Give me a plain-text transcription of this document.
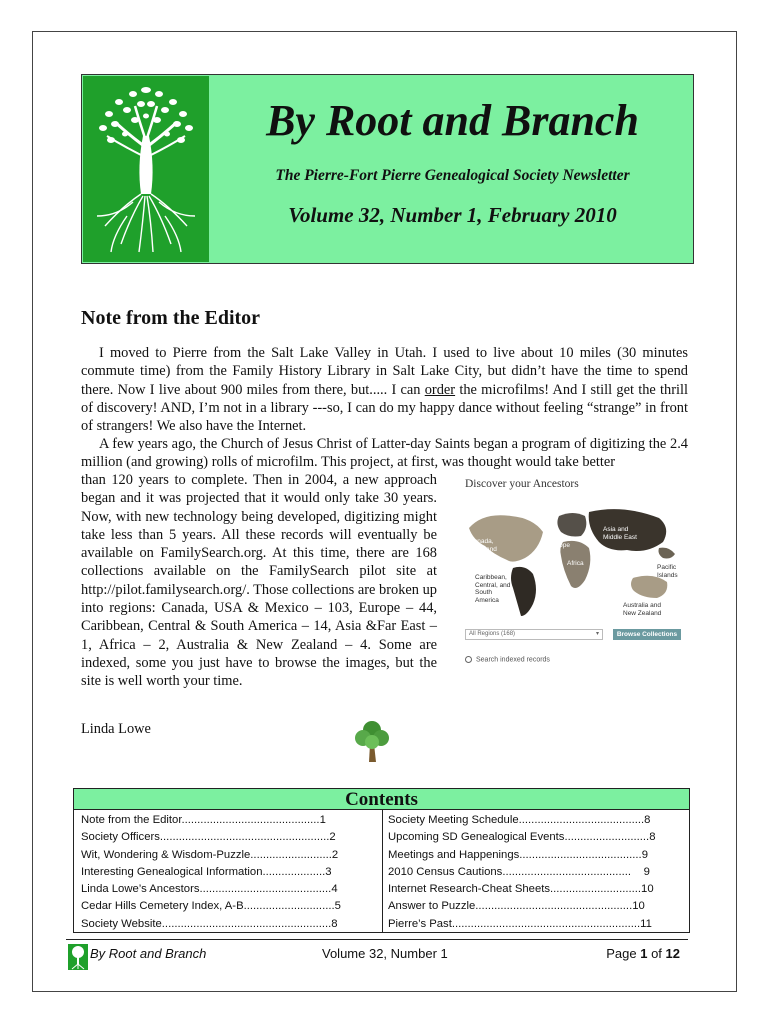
By Root and Branch
The Pierre-Fort Pierre Genealogical Society Newsletter
Volume 32, Number 1, February 2010
Note from the Editor
I moved to Pierre from the Salt Lake Valley in Utah. I used to live about 10 miles (30 minutes commute time) from the Family History Library in Salt Lake City, but didn’t have the time to spend there. Now I live about 900 miles from there, but..... I can order the microfilms! And I still get the thrill of discovery! AND, I’m not in a library ---so, I can do my happy dance without feeling “strange” in front of strangers! We also have the Internet.
A few years ago, the Church of Jesus Christ of Latter-day Saints began a program of digitizing the 2.4 million (and growing) rolls of microfilm. This project, at first, was thought would take better
than 120 years to complete. Then in 2004, a new approach began and it was projected that it would only take 30 years. Now, with new technology being developed, digitizing might take less than 5 years. All these records will eventually be available on FamilySearch.org. At this time, there are 168 collections available on the FamilySearch pilot site at http://pilot.familysearch.org/. Those collections are broken up into regions: Canada, USA & Mexico – 103, Europe – 44, Caribbean, Central & South America – 14, Asia &Far East – 1, Africa – 2, Australia & New Zealand – 4. Some are indexed, some you just have to browse the images, but the site is well worth your time.
Discover your Ancestors
Canada, USA, and Mexico
Europe
Asia and Middle East
Africa
Pacific Islands
Caribbean, Central, and South America
Australia and New Zealand
All Regions (168)	▾	Browse Collections
Search indexed records
Linda Lowe
Contents
Note from the Editor............................................1
Society Officers......................................................2
Wit, Wondering & Wisdom-Puzzle..........................2
Interesting Genealogical Information....................3
Linda Lowe’s Ancestors..........................................4
Cedar Hills Cemetery Index, A-B.............................5
Society Website......................................................8
Society Meeting Schedule........................................8
Upcoming SD Genealogical Events...........................8
Meetings and Happenings.......................................9
2010 Census Cautions.........................................    9
Internet Research-Cheat Sheets.............................10
Answer to Puzzle..................................................10
Pierre’s Past............................................................11
By Root and Branch	Volume 32, Number 1	Page 1 of 12
